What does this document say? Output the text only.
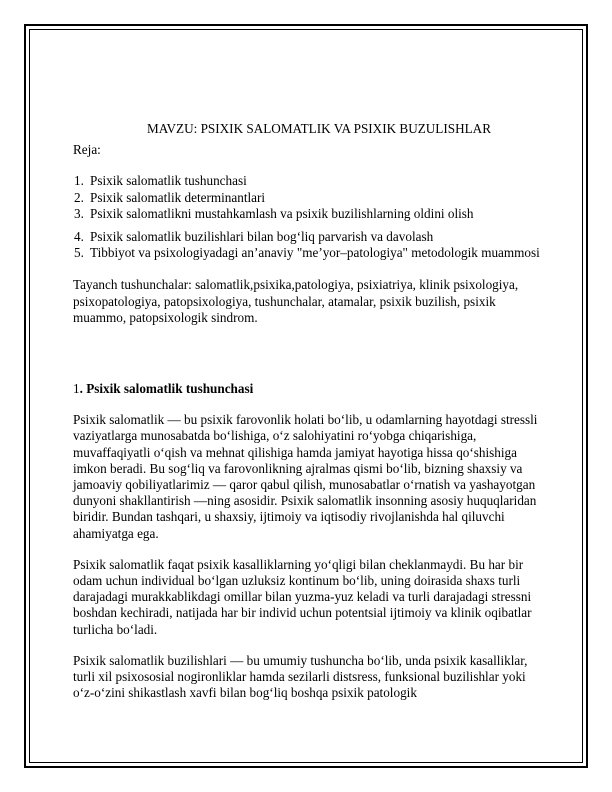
MAVZU: PSIXIK SALOMATLIK VA PSIXIK BUZULISHLAR
Reja:
1. Psixik salomatlik tushunchasi
2. Psixik salomatlik determinantlari
3. Psixik salomatlikni mustahkamlash va psixik buzilishlarning oldini olish
4. Psixik salomatlik buzilishlari bilan bog‘liq parvarish va davolash
5. Tibbiyot va psixologiyadagi an’anaviy "me’yor–patologiya" metodologik muammosi
Tayanch tushunchalar: salomatlik,psixika,patologiya, psixiatriya, klinik psixologiya, psixopatologiya, patopsixologiya, tushunchalar, atamalar, psixik buzilish, psixik muammo, patopsixologik sindrom.
1. Psixik salomatlik tushunchasi

Psixik salomatlik — bu psixik farovonlik holati bo‘lib, u odamlarning hayotdagi stressli vaziyatlarga munosabatda bo‘lishiga, o‘z salohiyatini ro‘yobga chiqarishiga, muvaffaqiyatli o‘qish va mehnat qilishiga hamda jamiyat hayotiga hissa qo‘shishiga imkon beradi. Bu sog‘liq va farovonlikning ajralmas qismi bo‘lib, bizning shaxsiy va jamoaviy qobiliyatlarimiz — qaror qabul qilish, munosabatlar o‘rnatish va yashayotgan dunyoni shakllantirish —ning asosidir. Psixik salomatlik insonning asosiy huquqlaridan biridir. Bundan tashqari, u shaxsiy, ijtimoiy va iqtisodiy rivojlanishda hal qiluvchi ahamiyatga ega.

Psixik salomatlik faqat psixik kasalliklarning yo‘qligi bilan cheklanmaydi. Bu har bir odam uchun individual bo‘lgan uzluksiz kontinum bo‘lib, uning doirasida shaxs turli darajadagi murakkablikdagi omillar bilan yuzma-yuz keladi va turli darajadagi stressni boshdan kechiradi, natijada har bir individ uchun potentsial ijtimoiy va klinik oqibatlar turlicha bo‘ladi.

Psixik salomatlik buzilishlari — bu umumiy tushuncha bo‘lib, unda psixik kasalliklar, turli xil psixososial nogironliklar hamda sezilarli distsress, funksional buzilishlar yoki o‘z-o‘zini shikastlash xavfi bilan bog‘liq boshqa psixik patologik
